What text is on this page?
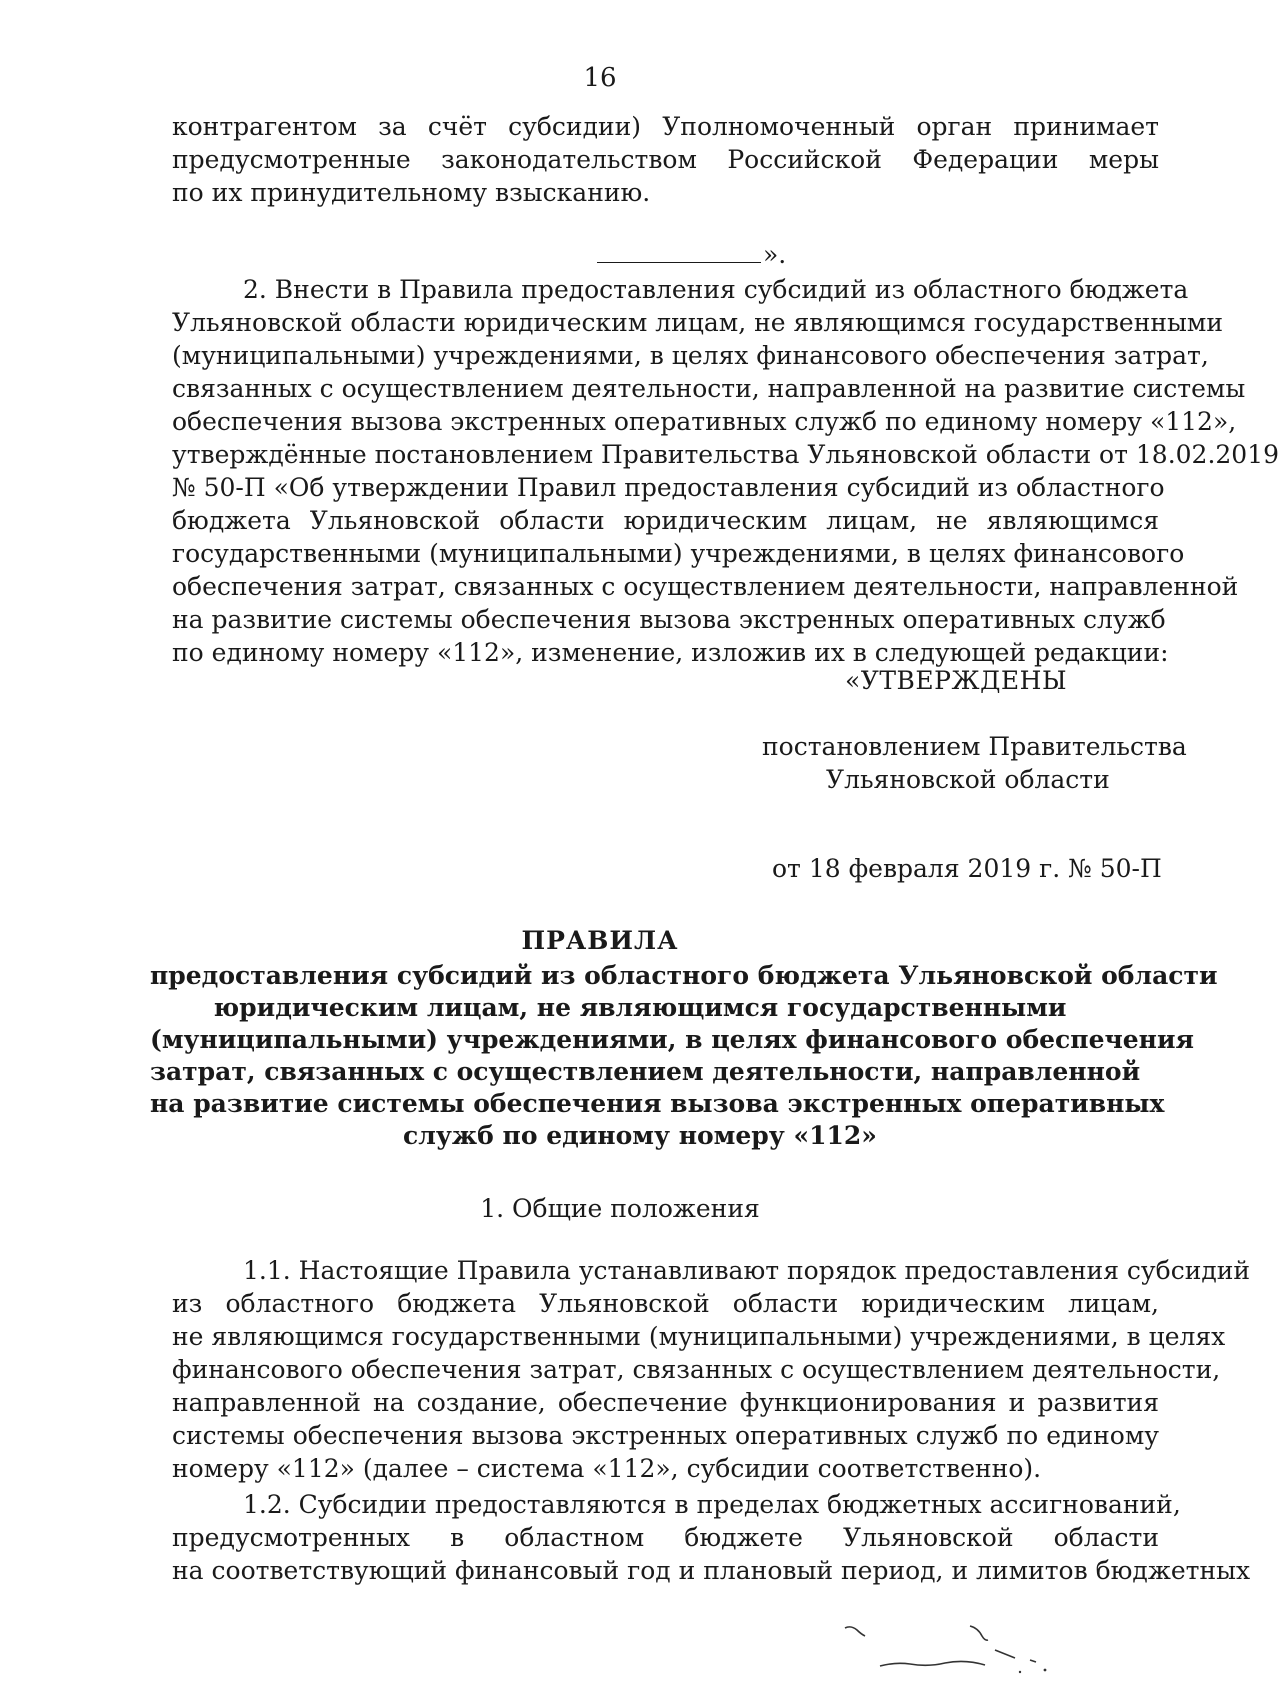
16
контрагентом за счёт субсидии) Уполномоченный орган принимает
предусмотренные законодательством Российской Федерации меры
по их принудительному взысканию.
».
2. Внести в Правила предоставления субсидий из областного бюджета
Ульяновской области юридическим лицам, не являющимся государственными
(муниципальными) учреждениями, в целях финансового обеспечения затрат,
связанных с осуществлением деятельности, направленной на развитие системы
обеспечения вызова экстренных оперативных служб по единому номеру «112»,
утверждённые постановлением Правительства Ульяновской области от 18.02.2019
№ 50-П «Об утверждении Правил предоставления субсидий из областного
бюджета Ульяновской области юридическим лицам, не являющимся
государственными (муниципальными) учреждениями, в целях финансового
обеспечения затрат, связанных с осуществлением деятельности, направленной
на развитие системы обеспечения вызова экстренных оперативных служб
по единому номеру «112», изменение, изложив их в следующей редакции:
«УТВЕРЖДЕНЫ
постановлением Правительства
Ульяновской области
от 18 февраля 2019 г. № 50-П
ПРАВИЛА
предоставления субсидий из областного бюджета Ульяновской области
юридическим лицам, не являющимся государственными
(муниципальными) учреждениями, в целях финансового обеспечения
затрат, связанных с осуществлением деятельности, направленной
на развитие системы обеспечения вызова экстренных оперативных
служб по единому номеру «112»
1. Общие положения
1.1. Настоящие Правила устанавливают порядок предоставления субсидий
из областного бюджета Ульяновской области юридическим лицам,
не являющимся государственными (муниципальными) учреждениями, в целях
финансового обеспечения затрат, связанных с осуществлением деятельности,
направленной на создание, обеспечение функционирования и развития
системы обеспечения вызова экстренных оперативных служб по единому
номеру «112» (далее – система «112», субсидии соответственно).
1.2. Субсидии предоставляются в пределах бюджетных ассигнований,
предусмотренных в областном бюджете Ульяновской области
на соответствующий финансовый год и плановый период, и лимитов бюджетных
